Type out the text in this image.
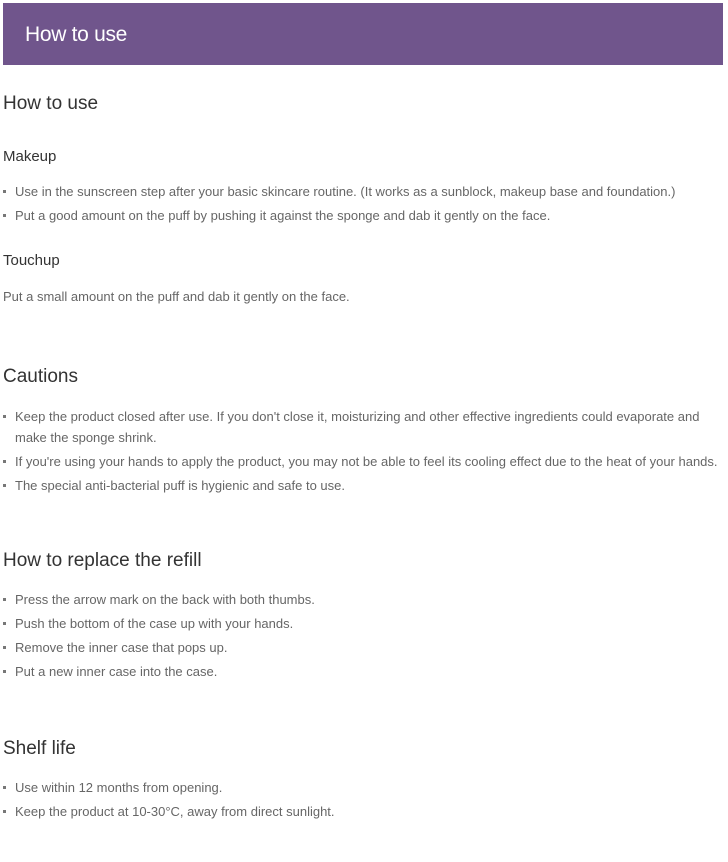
How to use
How to use
Makeup
Use in the sunscreen step after your basic skincare routine. (It works as a sunblock, makeup base and foundation.)
Put a good amount on the puff by pushing it against the sponge and dab it gently on the face.
Touchup

Put a small amount on the puff and dab it gently on the face.

Cautions
Keep the product closed after use. If you don't close it, moisturizing and other effective ingredients could evaporate and make the sponge shrink.
If you're using your hands to apply the product, you may not be able to feel its cooling effect due to the heat of your hands.
The special anti-bacterial puff is hygienic and safe to use.
How to replace the refill
Press the arrow mark on the back with both thumbs.
Push the bottom of the case up with your hands.
Remove the inner case that pops up.
Put a new inner case into the case.
Shelf life
Use within 12 months from opening.
Keep the product at 10-30°C, away from direct sunlight.
